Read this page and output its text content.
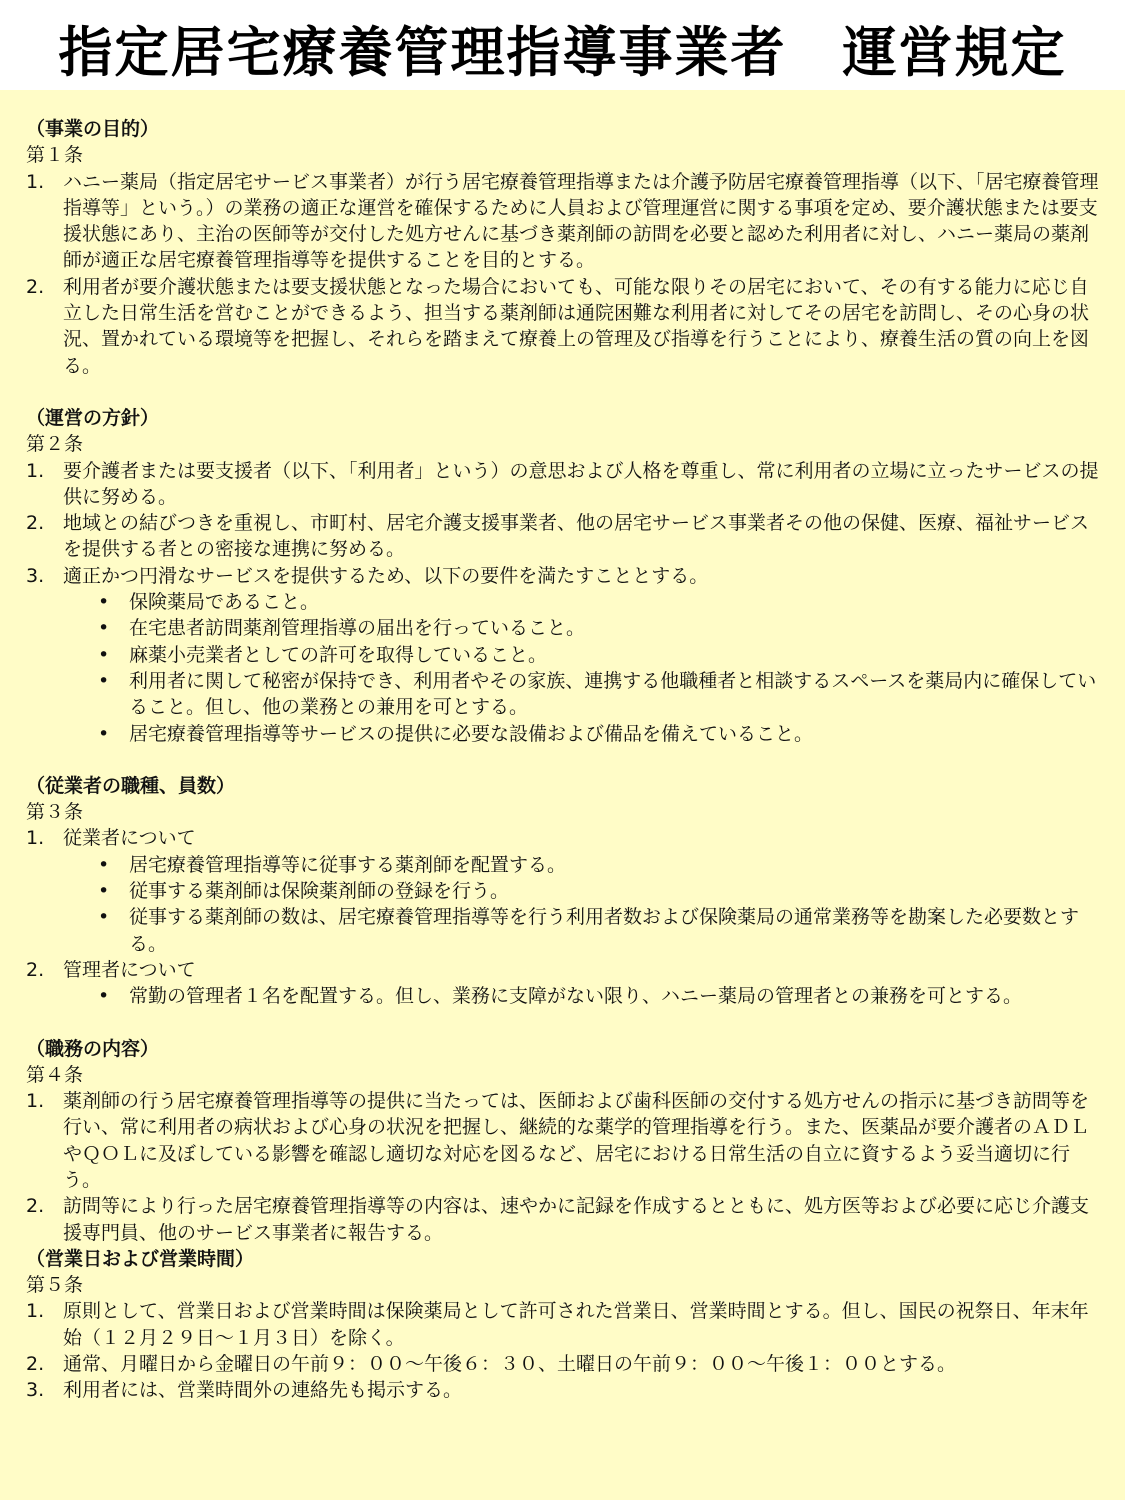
指定居宅療養管理指導事業者　運営規定
（事業の目的）
第１条
1. ハニー薬局（指定居宅サービス事業者）が行う居宅療養管理指導または介護予防居宅療養管理指導（以下、「居宅療養管理指導等」という。）の業務の適正な運営を確保するために人員および管理運営に関する事項を定め、要介護状態または要支援状態にあり、主治の医師等が交付した処方せんに基づき薬剤師の訪問を必要と認めた利用者に対し、ハニー薬局の薬剤師が適正な居宅療養管理指導等を提供することを目的とする。
2. 利用者が要介護状態または要支援状態となった場合においても、可能な限りその居宅において、その有する能力に応じ自立した日常生活を営むことができるよう、担当する薬剤師は通院困難な利用者に対してその居宅を訪問し、その心身の状況、置かれている環境等を把握し、それらを踏まえて療養上の管理及び指導を行うことにより、療養生活の質の向上を図る。
（運営の方針）
第２条
1. 要介護者または要支援者（以下、「利用者」という）の意思および人格を尊重し、常に利用者の立場に立ったサービスの提供に努める。
2. 地域との結びつきを重視し、市町村、居宅介護支援事業者、他の居宅サービス事業者その他の保健、医療、福祉サービスを提供する者との密接な連携に努める。
3. 適正かつ円滑なサービスを提供するため、以下の要件を満たすこととする。
•	保険薬局であること。
•	在宅患者訪問薬剤管理指導の届出を行っていること。
•	麻薬小売業者としての許可を取得していること。
•	利用者に関して秘密が保持でき、利用者やその家族、連携する他職種者と相談するスペースを薬局内に確保していること。但し、他の業務との兼用を可とする。
•	居宅療養管理指導等サービスの提供に必要な設備および備品を備えていること。
（従業者の職種、員数）
第３条
1. 従業者について
•	居宅療養管理指導等に従事する薬剤師を配置する。
•	従事する薬剤師は保険薬剤師の登録を行う。
•	従事する薬剤師の数は、居宅療養管理指導等を行う利用者数および保険薬局の通常業務等を勘案した必要数とする。
2. 管理者について
•	常勤の管理者１名を配置する。但し、業務に支障がない限り、ハニー薬局の管理者との兼務を可とする。
（職務の内容）
第４条
1. 薬剤師の行う居宅療養管理指導等の提供に当たっては、医師および歯科医師の交付する処方せんの指示に基づき訪問等を行い、常に利用者の病状および心身の状況を把握し、継続的な薬学的管理指導を行う。また、医薬品が要介護者のＡＤＬやＱＯＬに及ぼしている影響を確認し適切な対応を図るなど、居宅における日常生活の自立に資するよう妥当適切に行う。
2. 訪問等により行った居宅療養管理指導等の内容は、速やかに記録を作成するとともに、処方医等および必要に応じ介護支援専門員、他のサービス事業者に報告する。
（営業日および営業時間）
第５条
1. 原則として、営業日および営業時間は保険薬局として許可された営業日、営業時間とする。但し、国民の祝祭日、年末年始（１２月２９日～１月３日）を除く。
2. 通常、月曜日から金曜日の午前９：００～午後６：３０、土曜日の午前９：００～午後１：００とする。
3. 利用者には、営業時間外の連絡先も掲示する。
